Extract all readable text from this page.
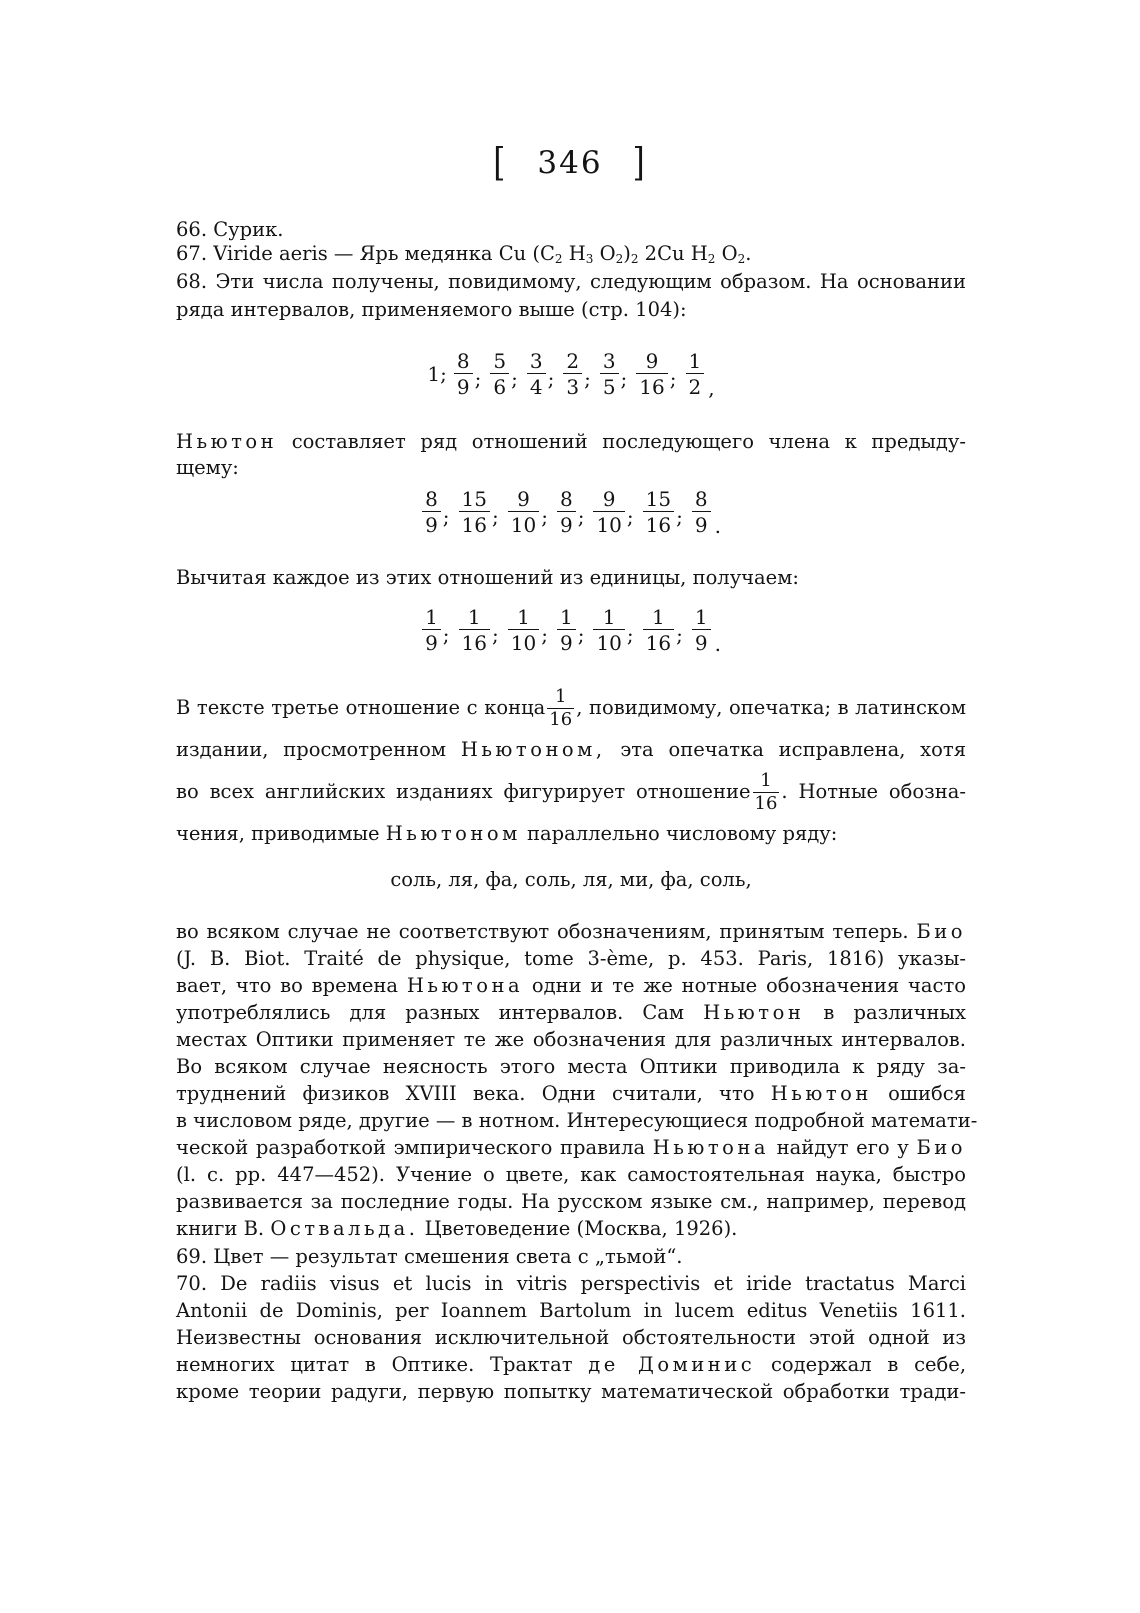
[ 346 ]
66. Сурик.
67. Viride aeris — Ярь медянка Cu ($C_2$ $H_3$ $O_2)_2$ 2Cu $H_2$ $O_2$.
68. Эти числа получены, повидимому, следующим образом. На основании
ряда интервалов, применяемого выше (стр. 104):
1; $\frac{8}{9}$ ; $\frac{5}{6}$ ; $\frac{3}{4}$ ; $\frac{2}{3}$ ; $\frac{3}{5}$ ; $\frac{9}{16}$ ; $\frac{1}{2}$ ,
Ньютон составляет ряд отношений последующего члена к предыду-
щему:
$\frac{8}{9}$ ; $\frac{15}{16}$ ; $\frac{9}{10}$ ; $\frac{8}{9}$ ; $\frac{9}{10}$ ; $\frac{15}{16}$ ; $\frac{8}{9}$ .
Вычитая каждое из этих отношений из единицы, получаем:
$\frac{1}{9}$ ; $\frac{1}{16}$ ; $\frac{1}{10}$ ; $\frac{1}{9}$ ; $\frac{1}{10}$ ; $\frac{1}{16}$ ; $\frac{1}{9}$ .
В тексте третье отношение с конца $\frac{1}{16}$ , повидимому, опечатка; в латинском
издании, просмотренном Ньютоном, эта опечатка исправлена, хотя
во всех английских изданиях фигурирует отношение $\frac{1}{16}$ . Нотные обозна-
чения, приводимые Ньютоном параллельно числовому ряду:
соль, ля, фа, соль, ля, ми, фа, соль,
во всяком случае не соответствуют обозначениям, принятым теперь. Био
(J. B. Biot. Traité de physique, tome 3-ème, p. 453. Paris, 1816) указы-
вает, что во времена Ньютона одни и те же нотные обозначения часто
употреблялись для разных интервалов. Сам Ньютон в различных
местах Оптики применяет те же обозначения для различных интервалов.
Во всяком случае неясность этого места Оптики приводила к ряду за-
труднений физиков XVIII века. Одни считали, что Ньютон ошибся
в числовом ряде, другие — в нотном. Интересующиеся подробной математи-
ческой разработкой эмпирического правила Ньютона найдут его у Био
(l. c. pp. 447—452). Учение о цвете, как самостоятельная наука, быстро
развивается за последние годы. На русском языке см., например, перевод
книги В. Оствальда. Цветоведение (Москва, 1926).
69. Цвет — результат смешения света с „тьмой“.
70. De radiis visus et lucis in vitris perspectivis et iride tractatus Marci
Antonii de Dominis, per Ioannem Bartolum in lucem editus Venetiis 1611.
Неизвестны основания исключительной обстоятельности этой одной из
немногих цитат в Оптике. Трактат де Доминис содержал в себе,
кроме теории радуги, первую попытку математической обработки тради-
